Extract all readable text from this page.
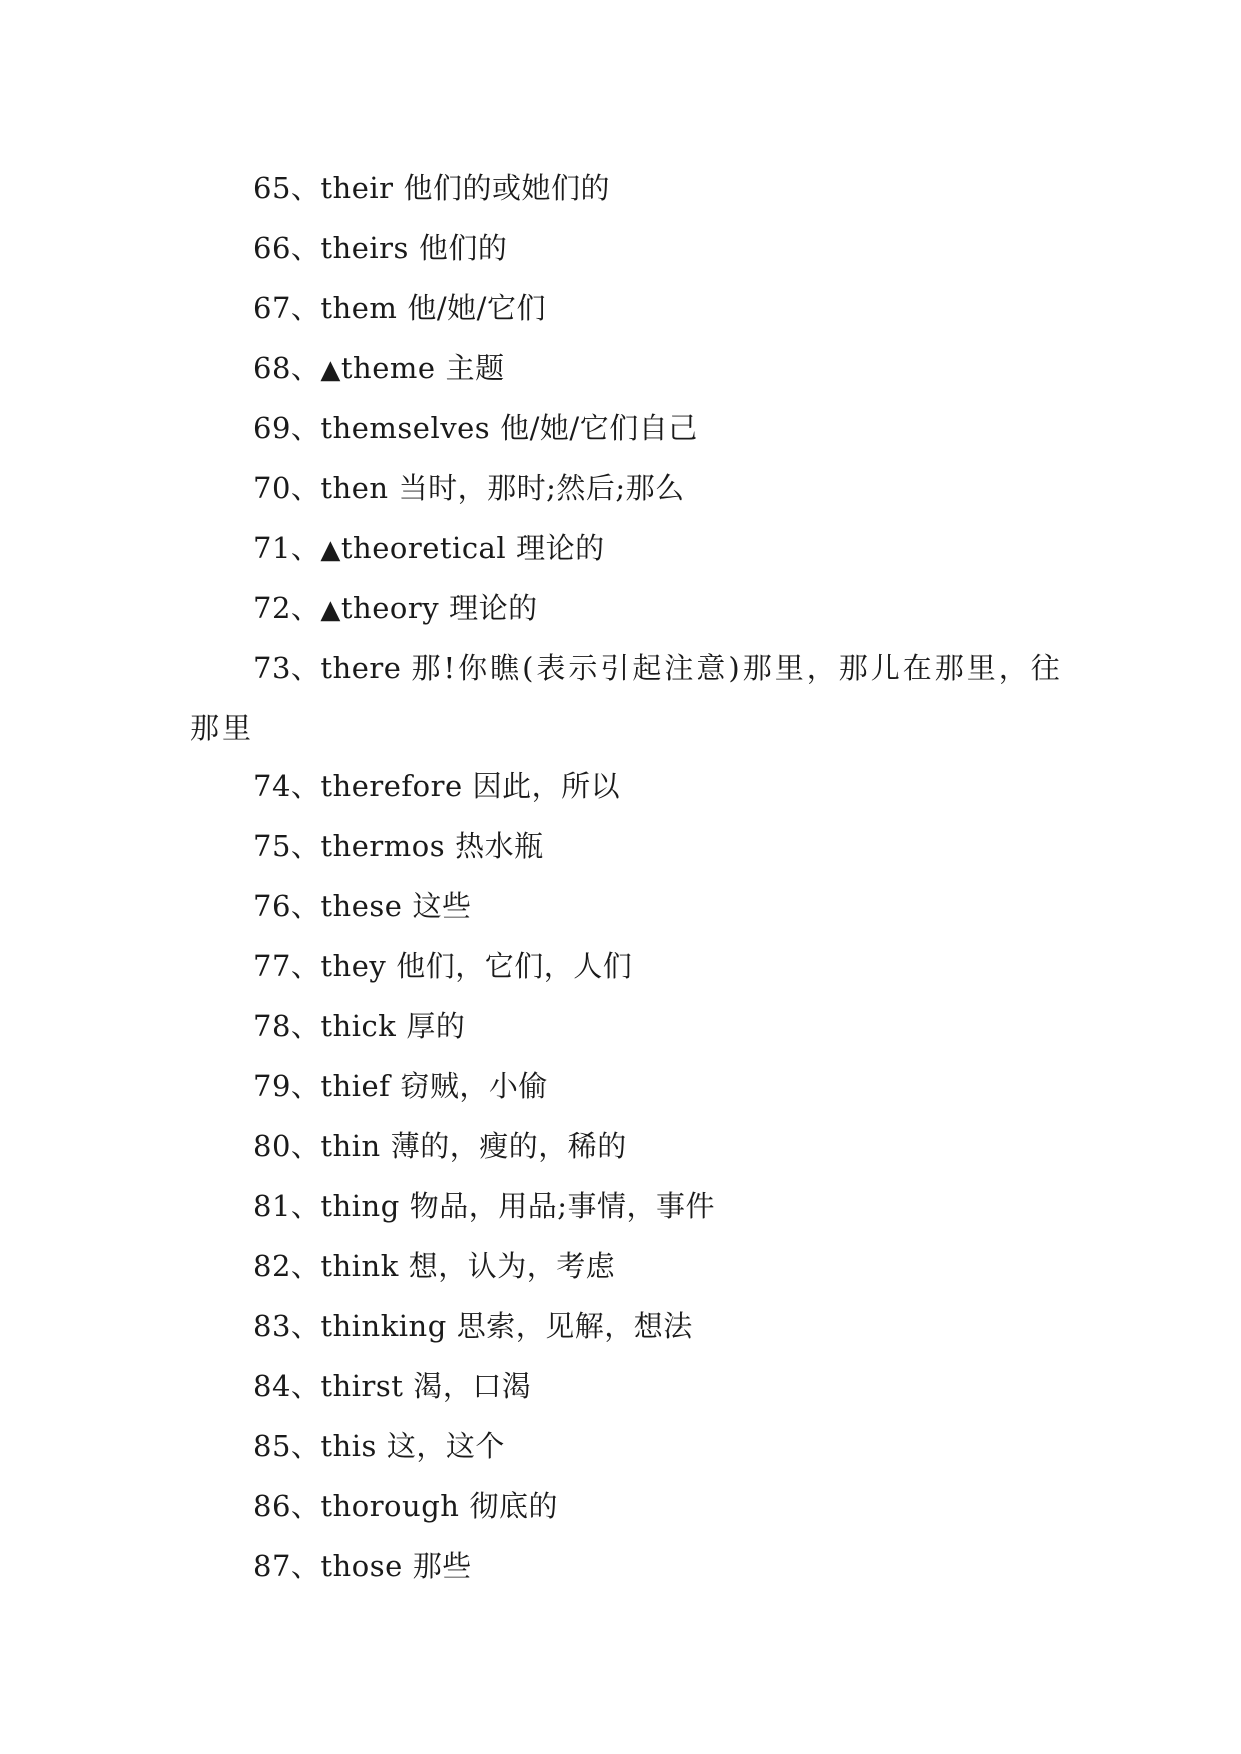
65、their 他们的或她们的
66、theirs 他们的
67、them 他/她/它们
68、▲theme 主题
69、themselves 他/她/它们自己
70、then 当时，那时;然后;那么
71、▲theoretical 理论的
72、▲theory 理论的
73、there 那!你瞧(表示引起注意)那里，那儿在那里，往那里
74、therefore 因此，所以
75、thermos 热水瓶
76、these 这些
77、they 他们，它们，人们
78、thick 厚的
79、thief 窃贼，小偷
80、thin 薄的，瘦的，稀的
81、thing 物品，用品;事情，事件
82、think 想，认为，考虑
83、thinking 思索，见解，想法
84、thirst 渴，口渴
85、this 这，这个
86、thorough 彻底的
87、those 那些
